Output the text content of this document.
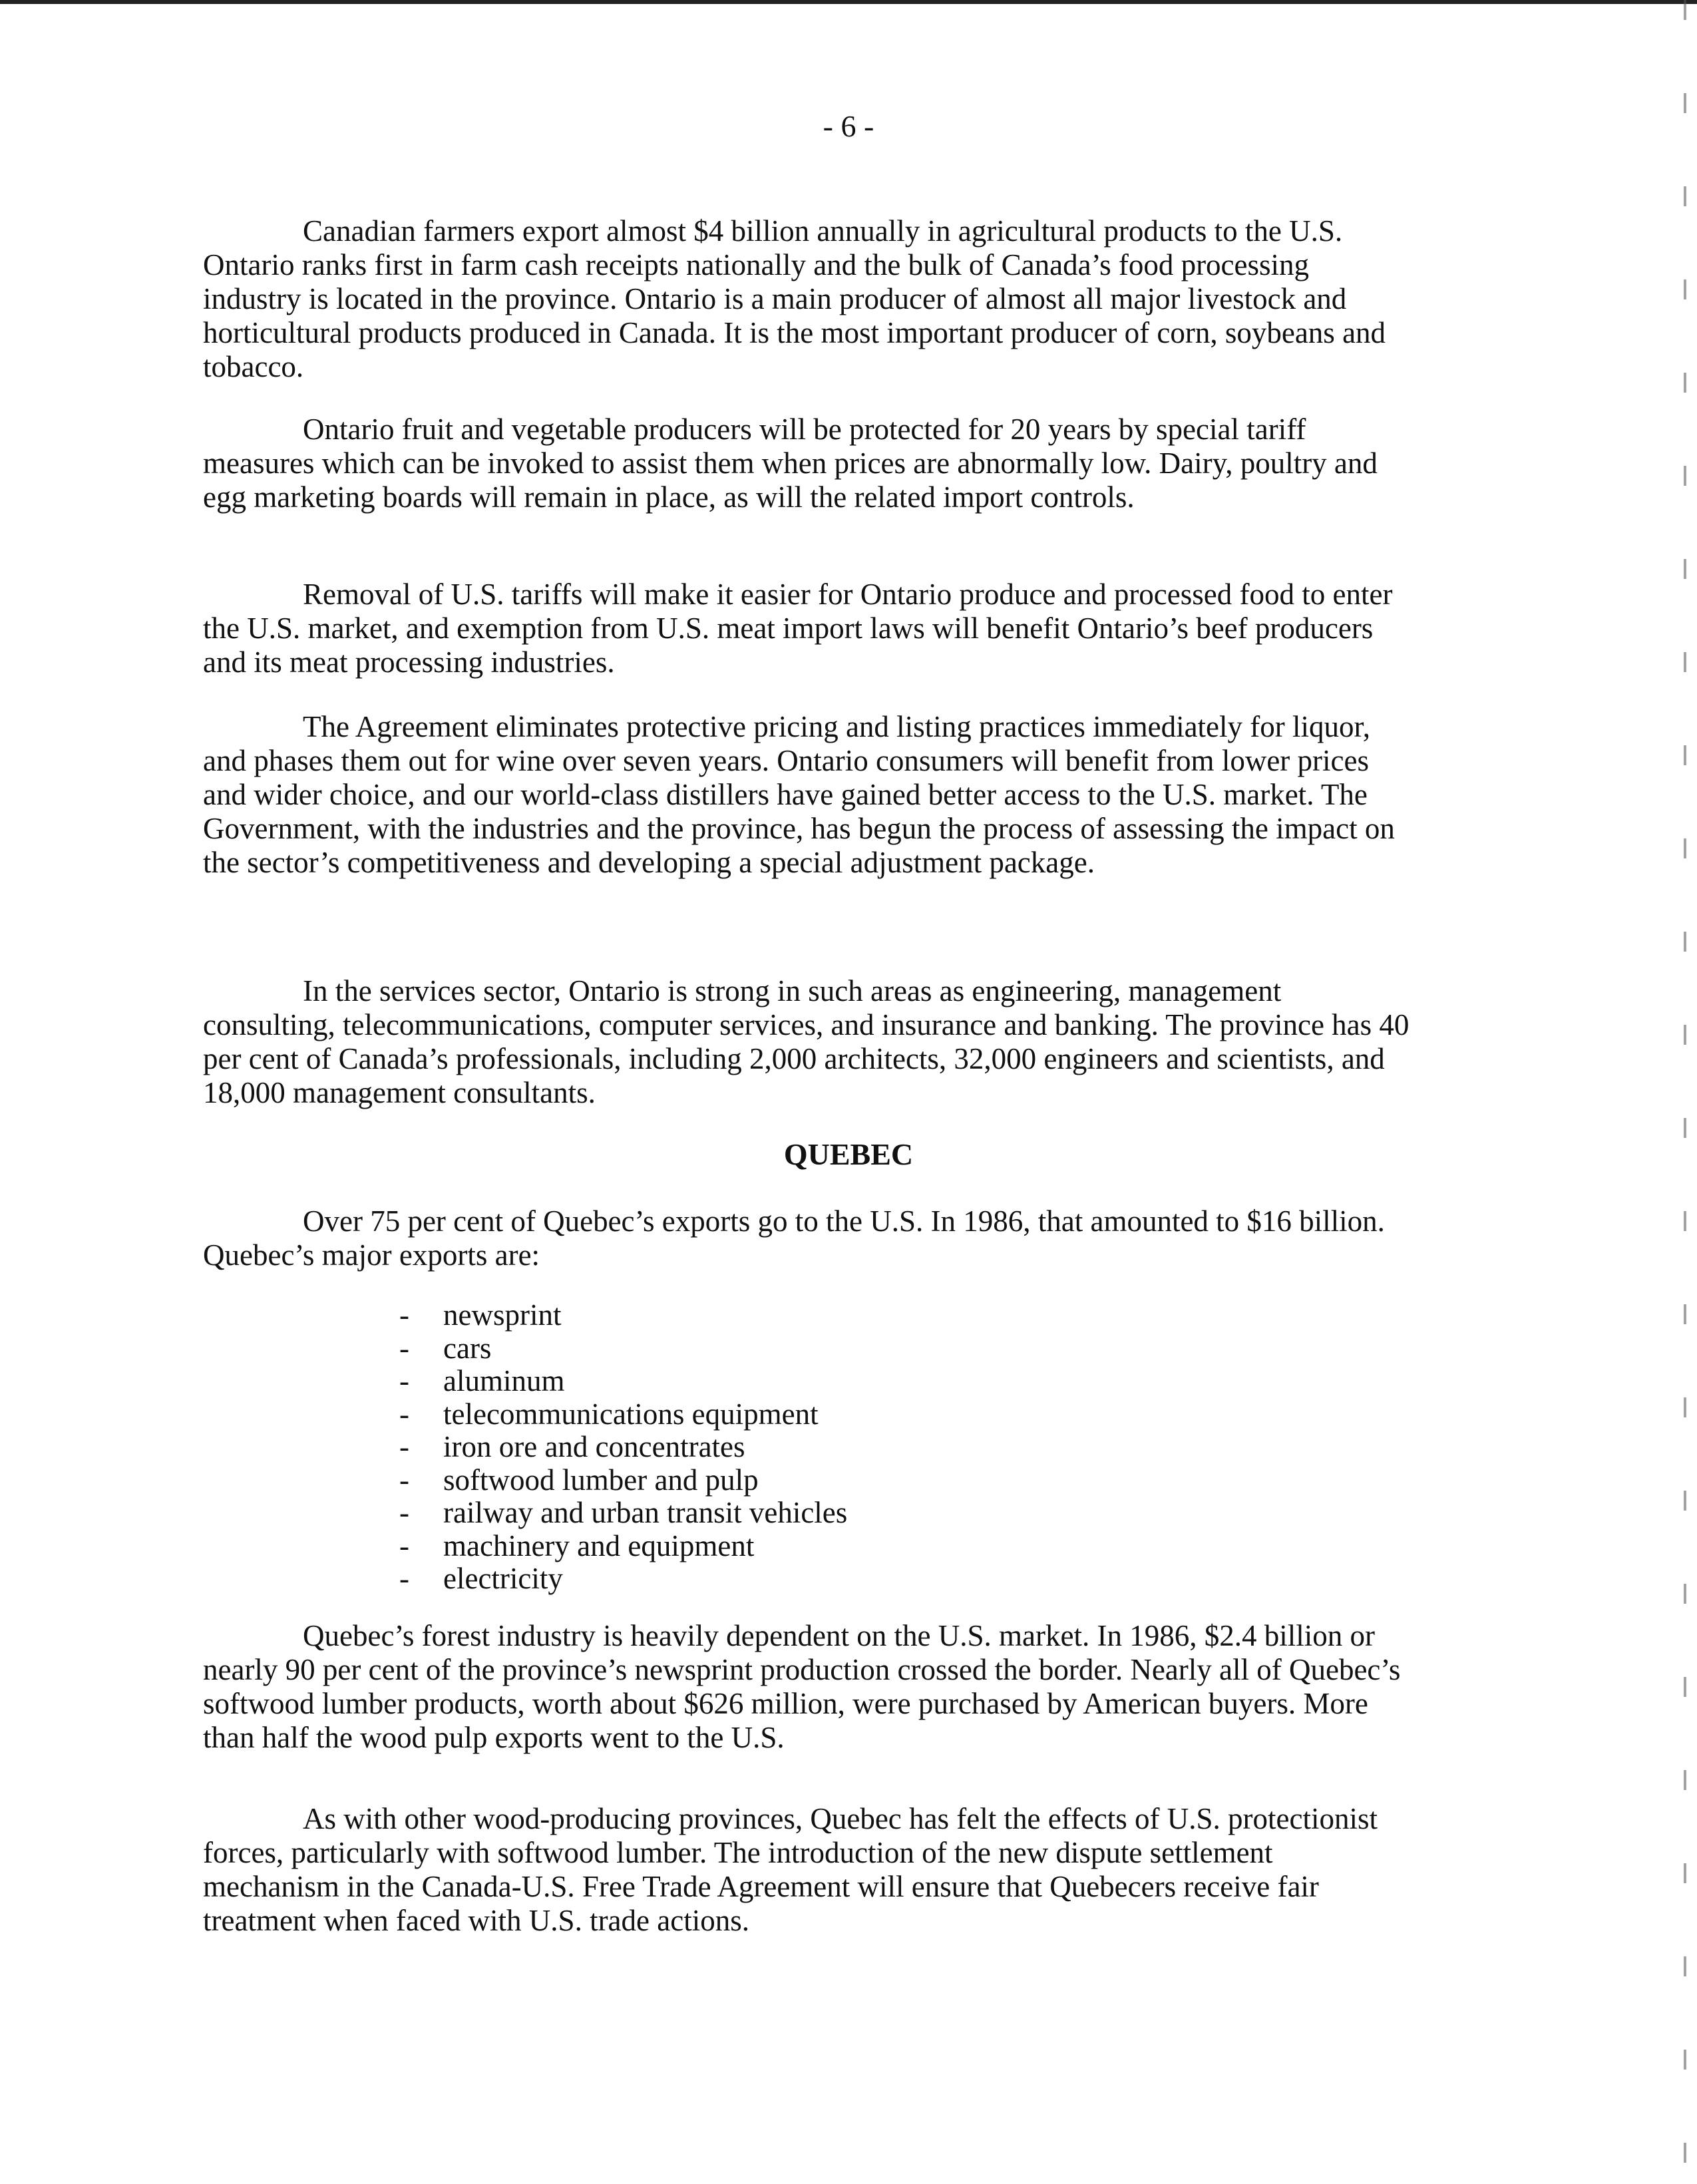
- 6 -

Canadian farmers export almost $4 billion annually in agricultural products to the U.S. Ontario ranks first in farm cash receipts nationally and the bulk of Canada’s food processing industry is located in the province. Ontario is a main producer of almost all major livestock and horticultural products produced in Canada. It is the most important producer of corn, soybeans and tobacco.

Ontario fruit and vegetable producers will be protected for 20 years by special tariff measures which can be invoked to assist them when prices are abnormally low. Dairy, poultry and egg marketing boards will remain in place, as will the related import controls.

Removal of U.S. tariffs will make it easier for Ontario produce and processed food to enter the U.S. market, and exemption from U.S. meat import laws will benefit Ontario’s beef producers and its meat processing industries.

The Agreement eliminates protective pricing and listing practices immediately for liquor, and phases them out for wine over seven years. Ontario consumers will benefit from lower prices and wider choice, and our world-class distillers have gained better access to the U.S. market. The Government, with the industries and the province, has begun the process of assessing the impact on the sector’s competitiveness and developing a special adjustment package.

In the services sector, Ontario is strong in such areas as engineering, management consulting, telecommunications, computer services, and insurance and banking. The province has 40 per cent of Canada’s professionals, including 2,000 architects, 32,000 engineers and scientists, and 18,000 management consultants.

QUEBEC

Over 75 per cent of Quebec’s exports go to the U.S. In 1986, that amounted to $16 billion. Quebec’s major exports are:

- newsprint
- cars
- aluminum
- telecommunications equipment
- iron ore and concentrates
- softwood lumber and pulp
- railway and urban transit vehicles
- machinery and equipment
- electricity

Quebec’s forest industry is heavily dependent on the U.S. market. In 1986, $2.4 billion or nearly 90 per cent of the province’s newsprint production crossed the border. Nearly all of Quebec’s softwood lumber products, worth about $626 million, were purchased by American buyers. More than half the wood pulp exports went to the U.S.

As with other wood-producing provinces, Quebec has felt the effects of U.S. protectionist forces, particularly with softwood lumber. The introduction of the new dispute settlement mechanism in the Canada-U.S. Free Trade Agreement will ensure that Quebecers receive fair treatment when faced with U.S. trade actions.
